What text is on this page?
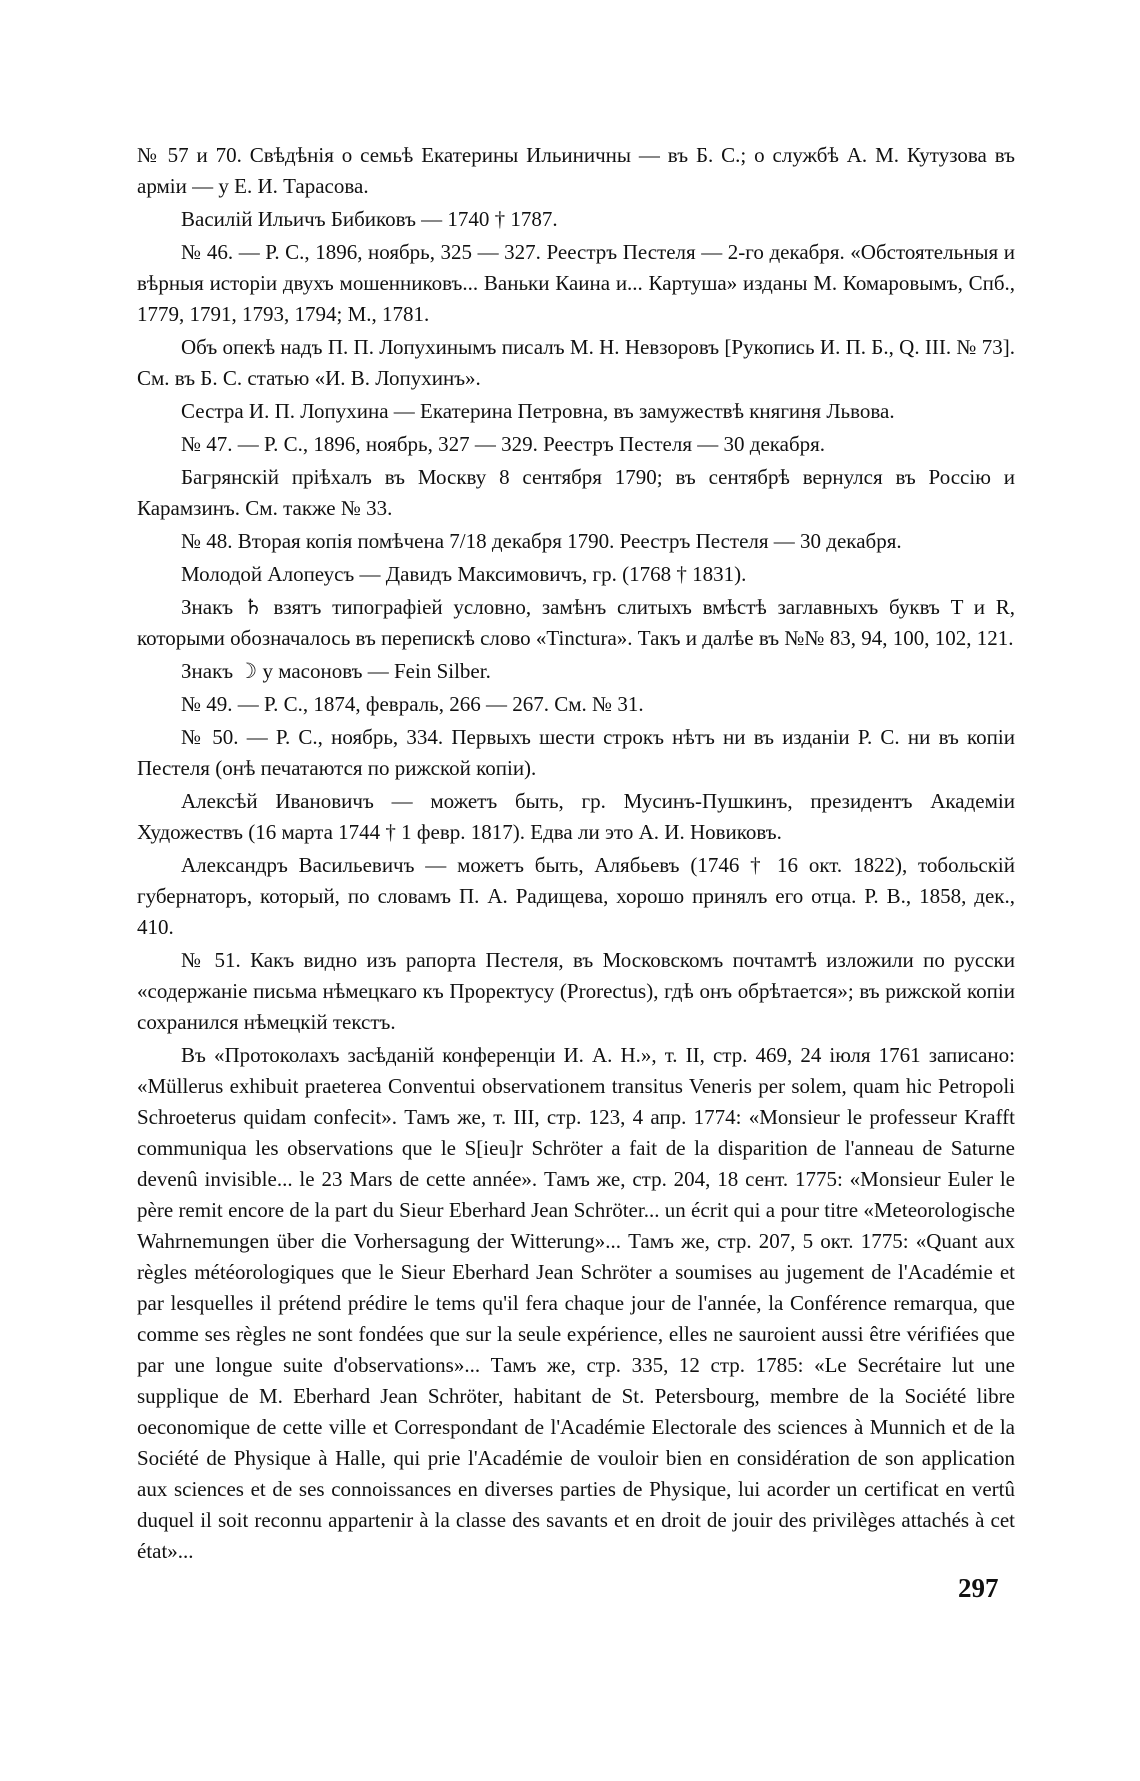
№ 57 и 70. Свѣдѣнія о семьѣ Екатерины Ильиничны — въ Б. С.; о службѣ А. М. Кутузова въ арміи — у Е. И. Тарасова.

Василій Ильичъ Бибиковъ — 1740 † 1787.

№ 46. — Р. С., 1896, ноябрь, 325 — 327. Реестръ Пестеля — 2-го декабря. «Обстоятельныя и вѣрныя исторіи двухъ мошенниковъ... Ваньки Каина и... Картуша» изданы М. Комаровымъ, Спб., 1779, 1791, 1793, 1794; М., 1781.

Объ опекѣ надъ П. П. Лопухинымъ писалъ М. Н. Невзоровъ [Рукопись И. П. Б., Q. III. № 73]. См. въ Б. С. статью «И. В. Лопухинъ».

Сестра И. П. Лопухина — Екатерина Петровна, въ замужествѣ княгиня Львова.

№ 47. — Р. С., 1896, ноябрь, 327 — 329. Реестръ Пестеля — 30 декабря.

Багрянскій пріѣхалъ въ Москву 8 сентября 1790; въ сентябрѣ вернулся въ Россію и Карамзинъ. См. также № 33.

№ 48. Вторая копія помѣчена 7/18 декабря 1790. Реестръ Пестеля — 30 декабря.

Молодой Алопеусъ — Давидъ Максимовичъ, гр. (1768 † 1831).

Знакъ ♄ взятъ типографіей условно, замѣнъ слитыхъ вмѣстѣ заглавныхъ буквъ T и R, которыми обозначалось въ перепискѣ слово «Tinctura». Такъ и далѣе въ №№ 83, 94, 100, 102, 121.

Знакъ ☽ у масоновъ — Fein Silber.

№ 49. — Р. С., 1874, февраль, 266 — 267. См. № 31.

№ 50. — Р. С., ноябрь, 334. Первыхъ шести строкъ нѣтъ ни въ изданіи Р. С. ни въ копіи Пестеля (онѣ печатаются по рижской копіи).

Алексѣй Ивановичъ — можетъ быть, гр. Мусинъ-Пушкинъ, президентъ Академіи Художествъ (16 марта 1744 † 1 февр. 1817). Едва ли это А. И. Новиковъ.

Александръ Васильевичъ — можетъ быть, Алябьевъ (1746 † 16 окт. 1822), тобольскій губернаторъ, который, по словамъ П. А. Радищева, хорошо принялъ его отца. Р. В., 1858, дек., 410.

№ 51. Какъ видно изъ рапорта Пестеля, въ Московскомъ почтамтѣ изложили по русски «содержаніе письма нѣмецкаго къ Проректусу (Prorectus), гдѣ онъ обрѣтается»; въ рижской копіи сохранился нѣмецкій текстъ.

Въ «Протоколахъ засѣданій конференціи И. А. Н.», т. II, стр. 469, 24 іюля 1761 записано: «Müllerus exhibuit praeterea Conventui observationem transitus Veneris per solem, quam hic Petropoli Schroeterus quidam confecit». Тамъ же, т. III, стр. 123, 4 апр. 1774: «Monsieur le professeur Krafft communiqua les observations que le S[ieu]r Schröter a fait de la disparition de l'anneau de Saturne devenû invisible... le 23 Mars de cette année». Тамъ же, стр. 204, 18 сент. 1775: «Monsieur Euler le père remit encore de la part du Sieur Eberhard Jean Schröter... un écrit qui a pour titre «Meteorologische Wahrnemungen über die Vorhersagung der Witterung»... Тамъ же, стр. 207, 5 окт. 1775: «Quant aux règles météorologiques que le Sieur Eberhard Jean Schröter a soumises au jugement de l'Académie et par lesquelles il prétend prédire le tems qu'il fera chaque jour de l'année, la Conférence remarqua, que comme ses règles ne sont fondées que sur la seule expérience, elles ne sauroient aussi être vérifiées que par une longue suite d'observations»... Тамъ же, стр. 335, 12 стр. 1785: «Le Secrétaire lut une supplique de M. Eberhard Jean Schröter, habitant de St. Petersbourg, membre de la Société libre oeconomique de cette ville et Correspondant de l'Académie Electorale des sciences à Munnich et de la Société de Physique à Halle, qui prie l'Académie de vouloir bien en considération de son application aux sciences et de ses connoissances en diverses parties de Physique, lui acorder un certificat en vertû duquel il soit reconnu appartenir à la classe des savants et en droit de jouir des privilèges attachés à cet état»...

297
